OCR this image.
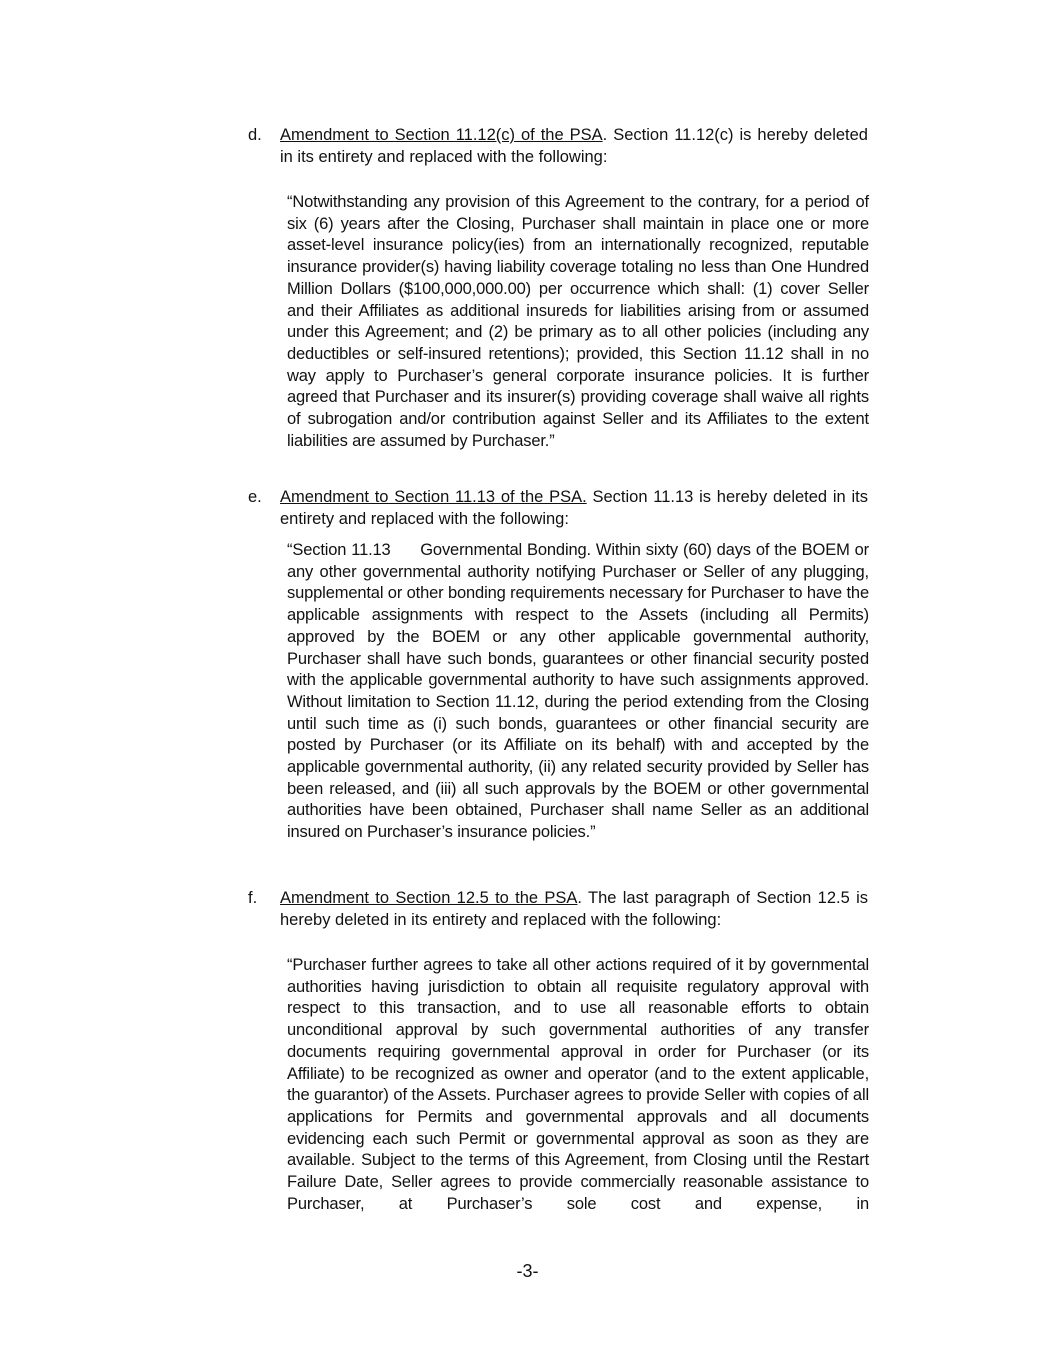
d. Amendment to Section 11.12(c) of the PSA. Section 11.12(c) is hereby deleted in its entirety and replaced with the following:
“Notwithstanding any provision of this Agreement to the contrary, for a period of six (6) years after the Closing, Purchaser shall maintain in place one or more asset-level insurance policy(ies) from an internationally recognized, reputable insurance provider(s) having liability coverage totaling no less than One Hundred Million Dollars ($100,000,000.00) per occurrence which shall: (1) cover Seller and their Affiliates as additional insureds for liabilities arising from or assumed under this Agreement; and (2) be primary as to all other policies (including any deductibles or self-insured retentions); provided, this Section 11.12 shall in no way apply to Purchaser’s general corporate insurance policies. It is further agreed that Purchaser and its insurer(s) providing coverage shall waive all rights of subrogation and/or contribution against Seller and its Affiliates to the extent liabilities are assumed by Purchaser.”
e. Amendment to Section 11.13 of the PSA. Section 11.13 is hereby deleted in its entirety and replaced with the following:
“Section 11.13      Governmental Bonding. Within sixty (60) days of the BOEM or any other governmental authority notifying Purchaser or Seller of any plugging, supplemental or other bonding requirements necessary for Purchaser to have the applicable assignments with respect to the Assets (including all Permits) approved by the BOEM or any other applicable governmental authority, Purchaser shall have such bonds, guarantees or other financial security posted with the applicable governmental authority to have such assignments approved. Without limitation to Section 11.12, during the period extending from the Closing until such time as (i) such bonds, guarantees or other financial security are posted by Purchaser (or its Affiliate on its behalf) with and accepted by the applicable governmental authority, (ii) any related security provided by Seller has been released, and (iii) all such approvals by the BOEM or other governmental authorities have been obtained, Purchaser shall name Seller as an additional insured on Purchaser’s insurance policies.”
f. Amendment to Section 12.5 to the PSA. The last paragraph of Section 12.5 is hereby deleted in its entirety and replaced with the following:
“Purchaser further agrees to take all other actions required of it by governmental authorities having jurisdiction to obtain all requisite regulatory approval with respect to this transaction, and to use all reasonable efforts to obtain unconditional approval by such governmental authorities of any transfer documents requiring governmental approval in order for Purchaser (or its Affiliate) to be recognized as owner and operator (and to the extent applicable, the guarantor) of the Assets. Purchaser agrees to provide Seller with copies of all applications for Permits and governmental approvals and all documents evidencing each such Permit or governmental approval as soon as they are available. Subject to the terms of this Agreement, from Closing until the Restart Failure Date, Seller agrees to provide commercially reasonable assistance to Purchaser, at Purchaser’s sole cost and expense, in
-3-
